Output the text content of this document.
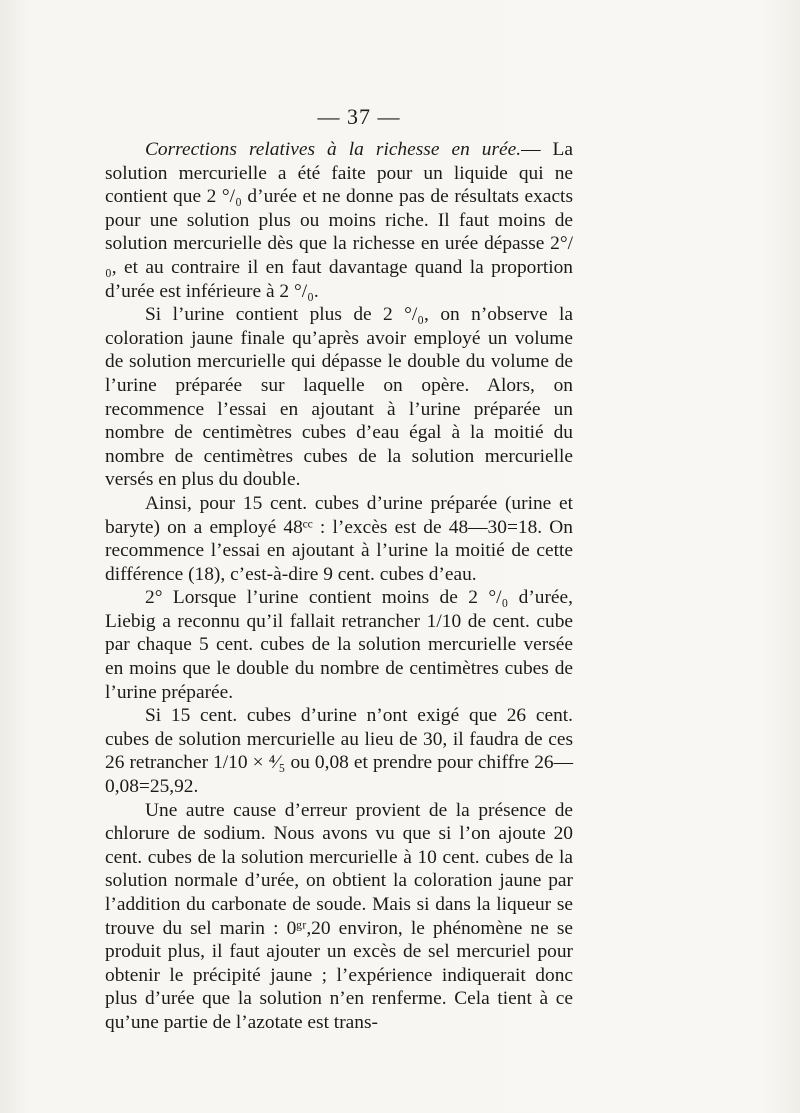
— 37 —

Corrections relatives à la richesse en urée.— La solution mercurielle a été faite pour un liquide qui ne contient que 2 °/₀ d’urée et ne donne pas de résultats exacts pour une solution plus ou moins riche. Il faut moins de solution mercurielle dès que la richesse en urée dépasse 2°/₀, et au contraire il en faut davantage quand la proportion d’urée est inférieure à 2 °/₀.

Si l’urine contient plus de 2 °/₀, on n’observe la coloration jaune finale qu’après avoir employé un volume de solution mercurielle qui dépasse le double du volume de l’urine préparée sur laquelle on opère. Alors, on recommence l’essai en ajoutant à l’urine préparée un nombre de centimètres cubes d’eau égal à la moitié du nombre de centimètres cubes de la solution mercurielle versés en plus du double.

Ainsi, pour 15 cent. cubes d’urine préparée (urine et baryte) on a employé 48ᶜᶜ : l’excès est de 48—30=18. On recommence l’essai en ajoutant à l’urine la moitié de cette différence (18), c’est-à-dire 9 cent. cubes d’eau.

2° Lorsque l’urine contient moins de 2 °/₀ d’urée, Liebig a reconnu qu’il fallait retrancher 1/10 de cent. cube par chaque 5 cent. cubes de la solution mercurielle versée en moins que le double du nombre de centimètres cubes de l’urine préparée.

Si 15 cent. cubes d’urine n’ont exigé que 26 cent. cubes de solution mercurielle au lieu de 30, il faudra de ces 26 retrancher 1/10 × ⁴⁄₅ ou 0,08 et prendre pour chiffre 26—0,08=25,92.

Une autre cause d’erreur provient de la présence de chlorure de sodium. Nous avons vu que si l’on ajoute 20 cent. cubes de la solution mercurielle à 10 cent. cubes de la solution normale d’urée, on obtient la coloration jaune par l’addition du carbonate de soude. Mais si dans la liqueur se trouve du sel marin : 0ᵍʳ,20 environ, le phénomène ne se produit plus, il faut ajouter un excès de sel mercuriel pour obtenir le précipité jaune ; l’expérience indiquerait donc plus d’urée que la solution n’en renferme. Cela tient à ce qu’une partie de l’azotate est trans-
